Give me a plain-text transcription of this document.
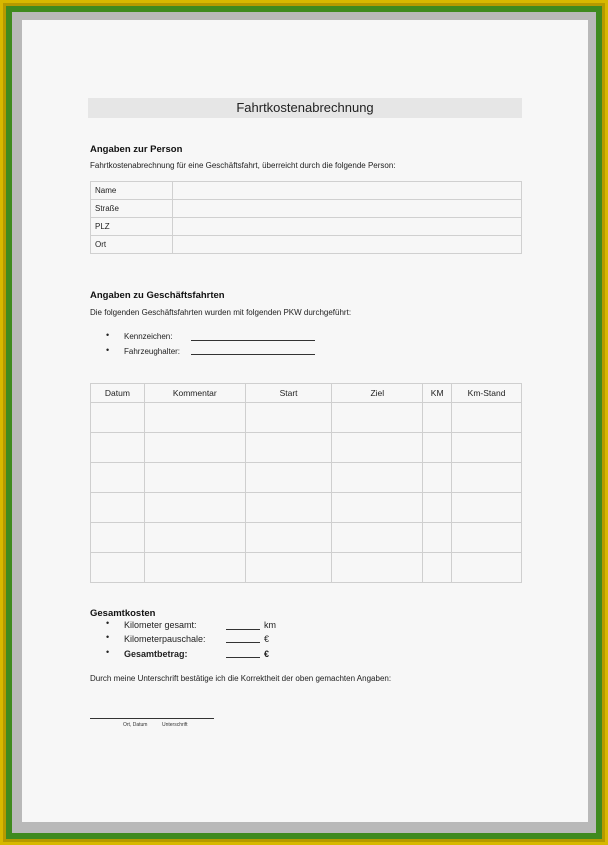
Fahrtkostenabrechnung
Angaben zur Person
Fahrtkostenabrechnung für eine Geschäftsfahrt, überreicht durch die folgende Person:
Name	
Straße	
PLZ	
Ort	
Angaben zu Geschäftsfahrten
Die folgenden Geschäftsfahrten wurden mit folgenden PKW durchgeführt:
• Kennzeichen:
• Fahrzeughalter:
Datum	Kommentar	Start	Ziel	KM	Km-Stand

Gesamtkosten
• Kilometer gesamt:	km
• Kilometerpauschale:	€
• Gesamtbetrag:	€
Durch meine Unterschrift bestätige ich die Korrektheit der oben gemachten Angaben:
Ort, Datum	Unterschrift
